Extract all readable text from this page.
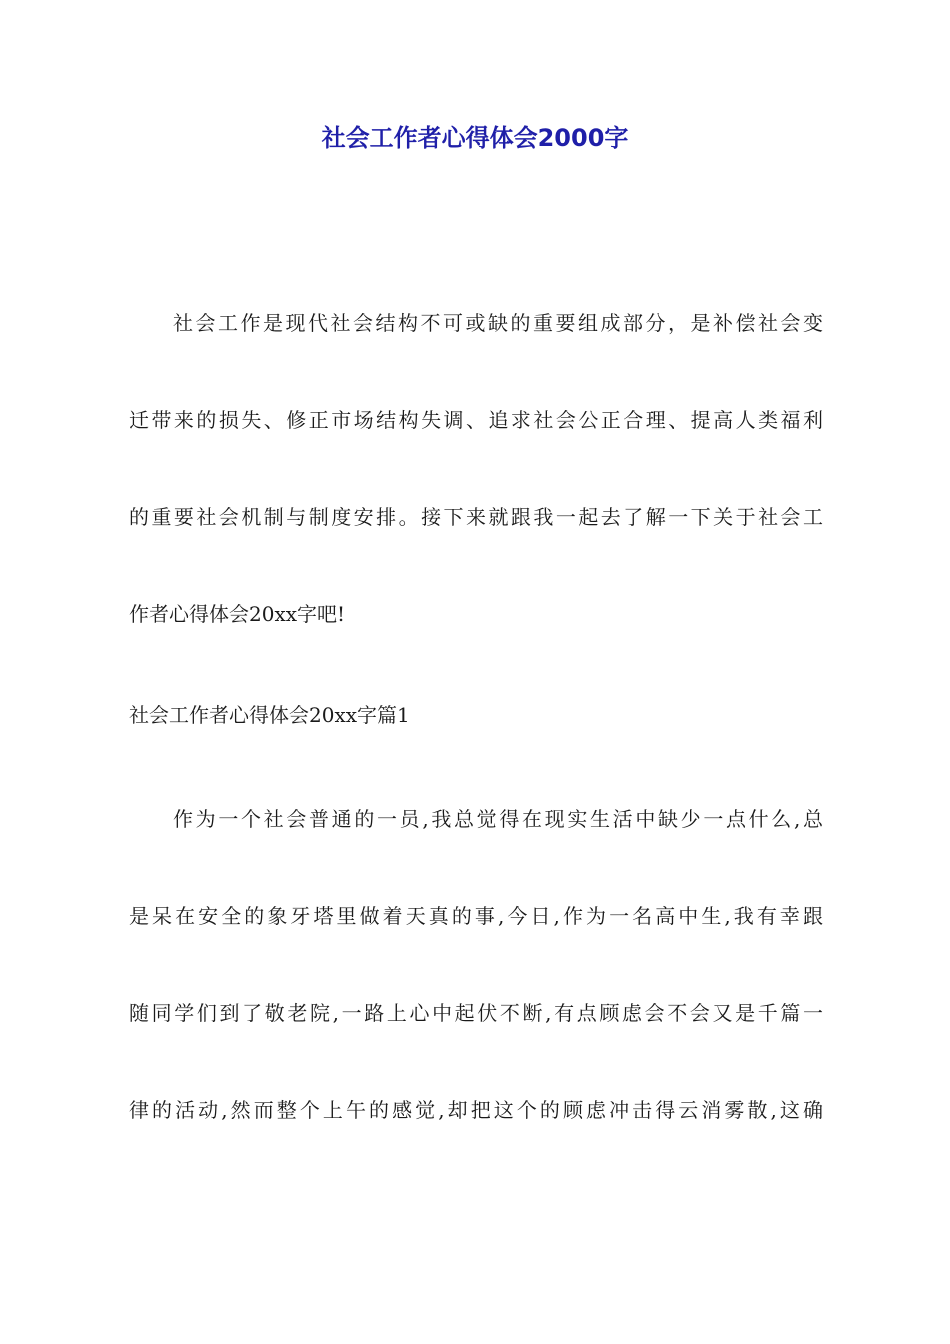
社会工作者心得体会2000字
社会工作是现代社会结构不可或缺的重要组成部分，是补偿社会变
迁带来的损失、修正市场结构失调、追求社会公正合理、提高人类福利
的重要社会机制与制度安排。接下来就跟我一起去了解一下关于社会工
作者心得体会20xx字吧!
社会工作者心得体会20xx字篇1
作为一个社会普通的一员,我总觉得在现实生活中缺少一点什么,总
是呆在安全的象牙塔里做着天真的事,今日,作为一名高中生,我有幸跟
随同学们到了敬老院,一路上心中起伏不断,有点顾虑会不会又是千篇一
律的活动,然而整个上午的感觉,却把这个的顾虑冲击得云消雾散,这确
